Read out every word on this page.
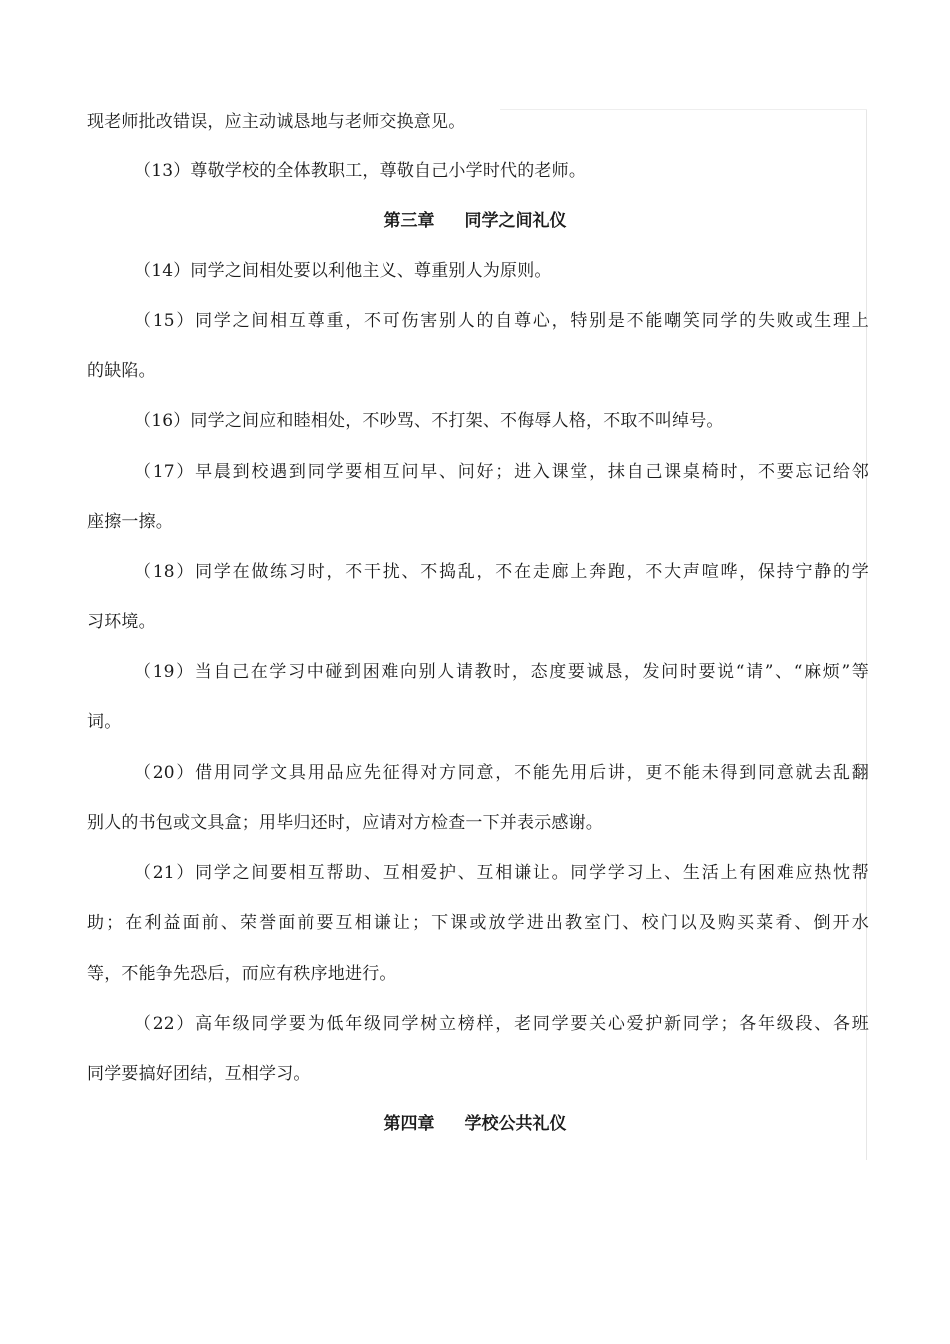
现老师批改错误，应主动诚恳地与老师交换意见。
（13）尊敬学校的全体教职工，尊敬自己小学时代的老师。
第三章 同学之间礼仪
（14）同学之间相处要以利他主义、尊重别人为原则。
（15）同学之间相互尊重，不可伤害别人的自尊心，特别是不能嘲笑同学的失败或生理上
的缺陷。
（16）同学之间应和睦相处，不吵骂、不打架、不侮辱人格，不取不叫绰号。
（17）早晨到校遇到同学要相互问早、问好；进入课堂，抹自己课桌椅时，不要忘记给邻
座擦一擦。
（18）同学在做练习时，不干扰、不捣乱，不在走廊上奔跑，不大声喧哗，保持宁静的学
习环境。
（19）当自己在学习中碰到困难向别人请教时，态度要诚恳，发问时要说“请”、“麻烦”等
词。
（20）借用同学文具用品应先征得对方同意，不能先用后讲，更不能未得到同意就去乱翻
别人的书包或文具盒；用毕归还时，应请对方检查一下并表示感谢。
（21）同学之间要相互帮助、互相爱护、互相谦让。同学学习上、生活上有困难应热忱帮
助；在利益面前、荣誉面前要互相谦让；下课或放学进出教室门、校门以及购买菜肴、倒开水
等，不能争先恐后，而应有秩序地进行。
（22）高年级同学要为低年级同学树立榜样，老同学要关心爱护新同学；各年级段、各班
同学要搞好团结，互相学习。
第四章 学校公共礼仪
